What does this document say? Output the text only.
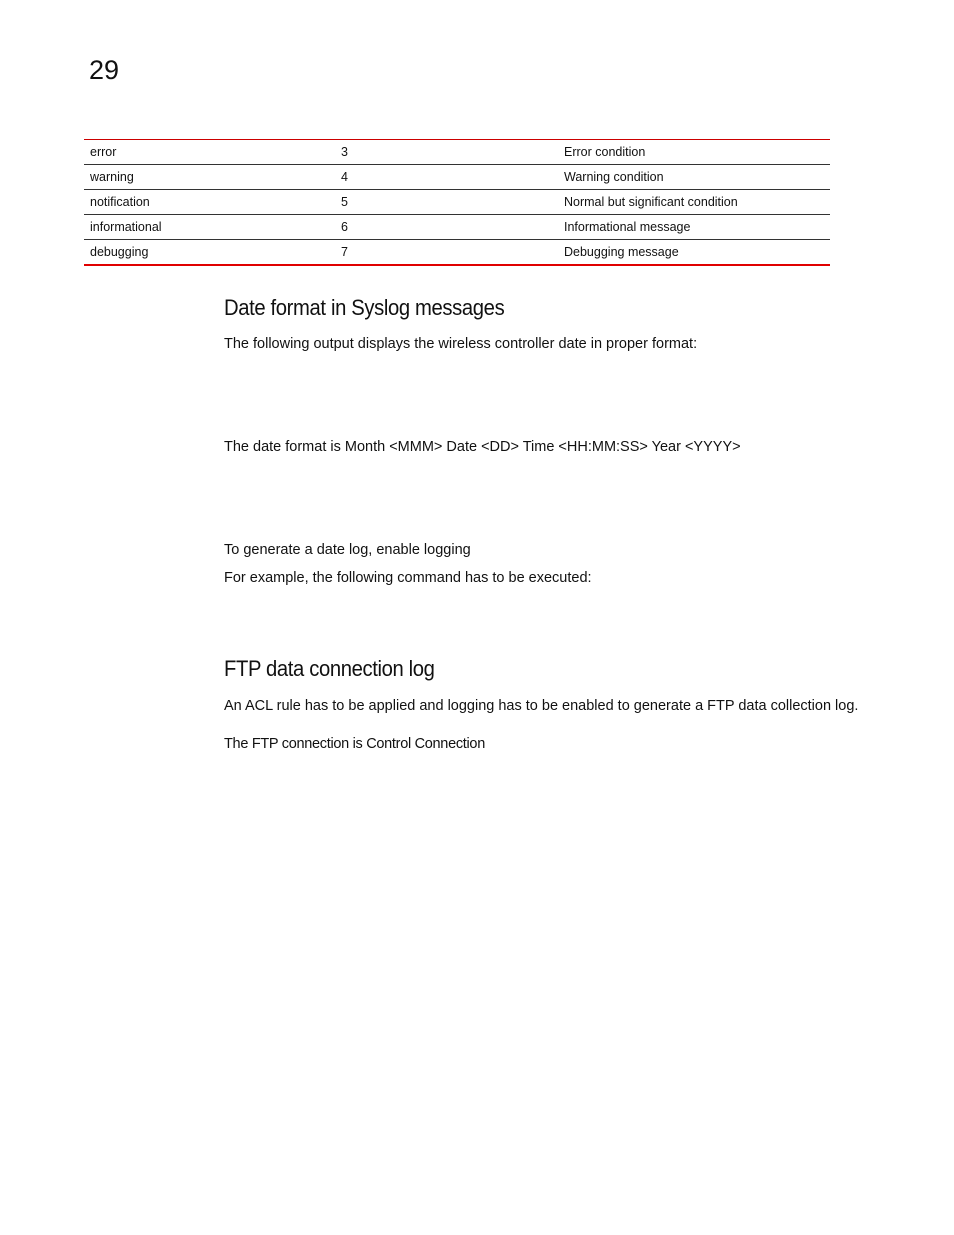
29
error	3	Error condition
warning	4	Warning condition
notification	5	Normal but significant condition
informational	6	Informational message
debugging	7	Debugging message
Date format in Syslog messages

The following output displays the wireless controller date in proper format:

The date format is Month <MMM> Date <DD> Time <HH:MM:SS> Year <YYYY>

To generate a date log, enable logging

For example, the following command has to be executed:

FTP data connection log

An ACL rule has to be applied and logging has to be enabled to generate a FTP data collection log.

The FTP connection is Control Connection
